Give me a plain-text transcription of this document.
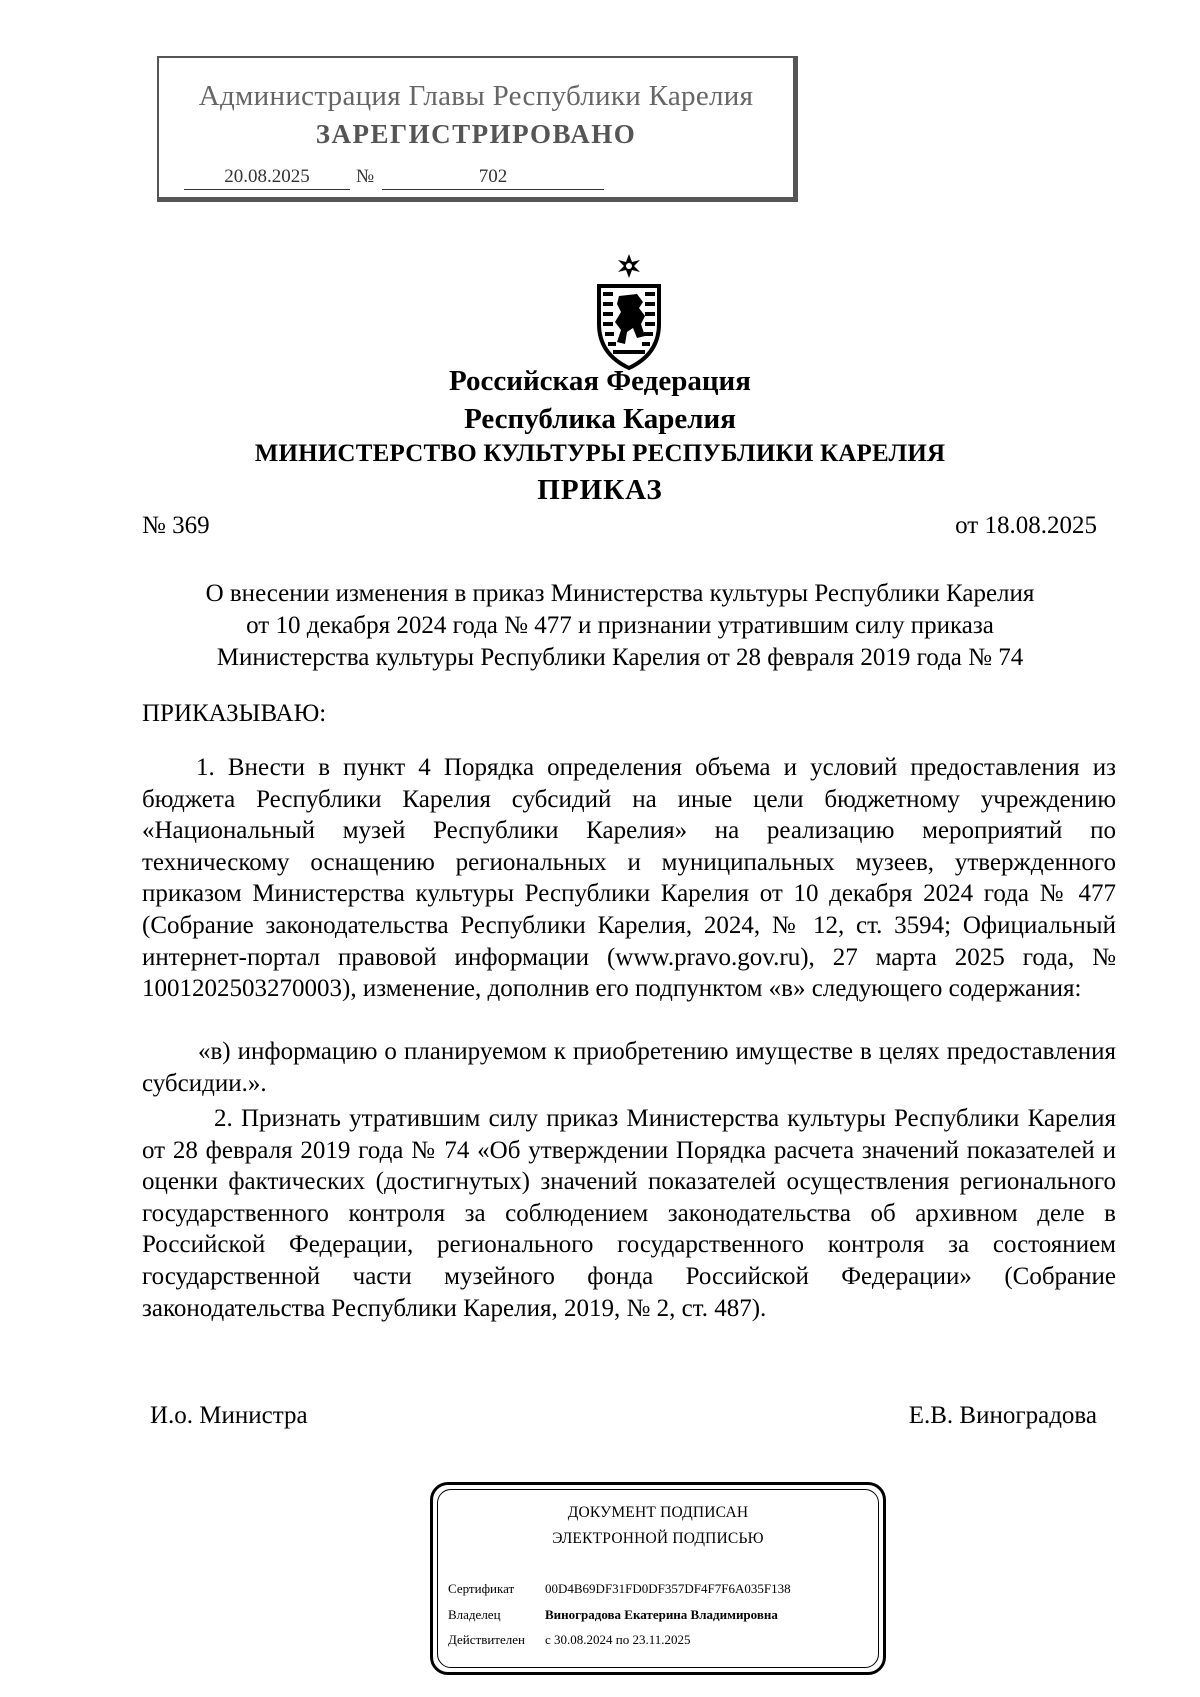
Администрация Главы Республики Карелия
ЗАРЕГИСТРИРОВАНО
20.08.2025	№	702
Российская Федерация
Республика Карелия
МИНИСТЕРСТВО КУЛЬТУРЫ РЕСПУБЛИКИ КАРЕЛИЯ
ПРИКАЗ
№ 369	от 18.08.2025
О внесении изменения в приказ Министерства культуры Республики Карелия
от 10 декабря 2024 года № 477 и признании утратившим силу приказа
Министерства культуры Республики Карелия от 28 февраля 2019 года № 74
ПРИКАЗЫВАЮ:
1. Внести в пункт 4 Порядка определения объема и условий предоставления из бюджета Республики Карелия субсидий на иные цели бюджетному учреждению «Национальный музей Республики Карелия» на реализацию мероприятий по техническому оснащению региональных и муниципальных музеев, утвержденного приказом Министерства культуры Республики Карелия от 10 декабря 2024 года № 477 (Собрание законодательства Республики Карелия, 2024, № 12, ст. 3594; Официальный интернет-портал правовой информации (www.pravo.gov.ru), 27 марта 2025 года, № 1001202503270003), изменение, дополнив его подпунктом «в» следующего содержания:
«в) информацию о планируемом к приобретению имуществе в целях предоставления субсидии.».
2. Признать утратившим силу приказ Министерства культуры Республики Карелия от 28 февраля 2019 года № 74 «Об утверждении Порядка расчета значений показателей и оценки фактических (достигнутых) значений показателей осуществления регионального государственного контроля за соблюдением законодательства об архивном деле в Российской Федерации, регионального государственного контроля за состоянием государственной части музейного фонда Российской Федерации» (Собрание законодательства Республики Карелия, 2019, № 2, ст. 487).
И.о. Министра	Е.В. Виноградова
ДОКУМЕНТ ПОДПИСАН
ЭЛЕКТРОННОЙ ПОДПИСЬЮ
Сертификат 00D4B69DF31FD0DF357DF4F7F6A035F138
Владелец	Виноградова Екатерина Владимировна
Действителен с 30.08.2024 по 23.11.2025
